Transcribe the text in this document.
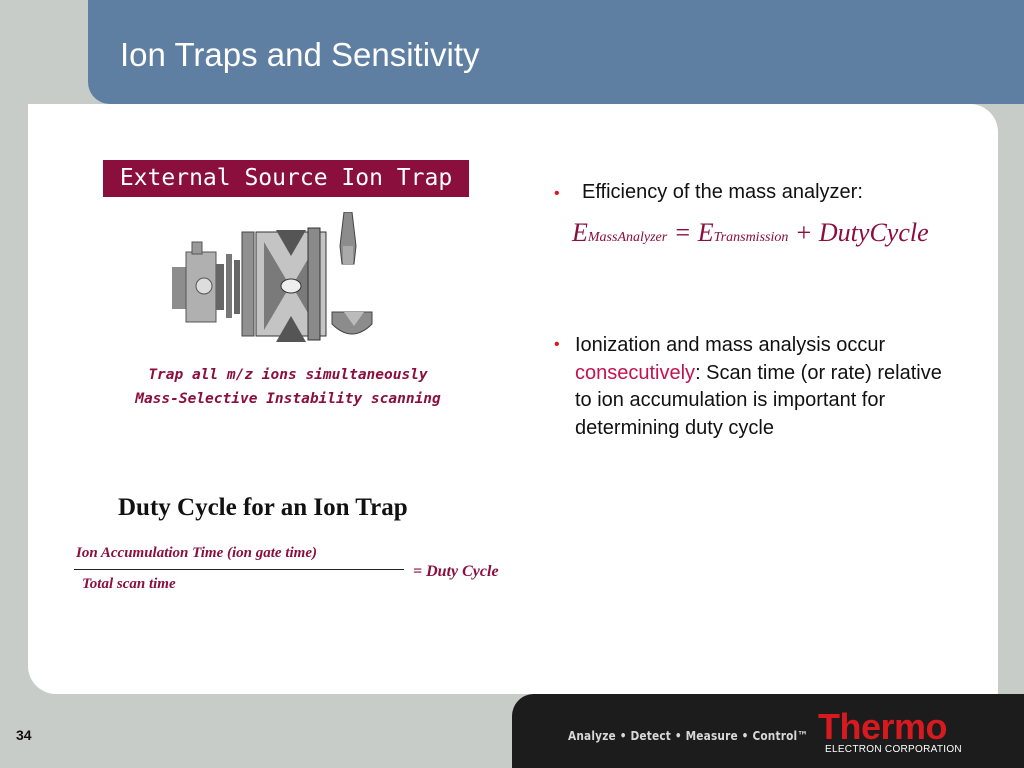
Ion Traps and Sensitivity
External Source Ion Trap
Trap all m/z ions simultaneously
Mass-Selective Instability scanning
Duty Cycle for an Ion Trap
Ion Accumulation Time (ion gate time)
Total scan time
= Duty Cycle
• Efficiency of the mass analyzer:
EMassAnalyzer = ETransmission + DutyCycle
• Ionization and mass analysis occur consecutively: Scan time (or rate) relative to ion accumulation is important for determining duty cycle
34	Analyze • Detect • Measure • Control™ Thermo
ELECTRON CORPORATION
